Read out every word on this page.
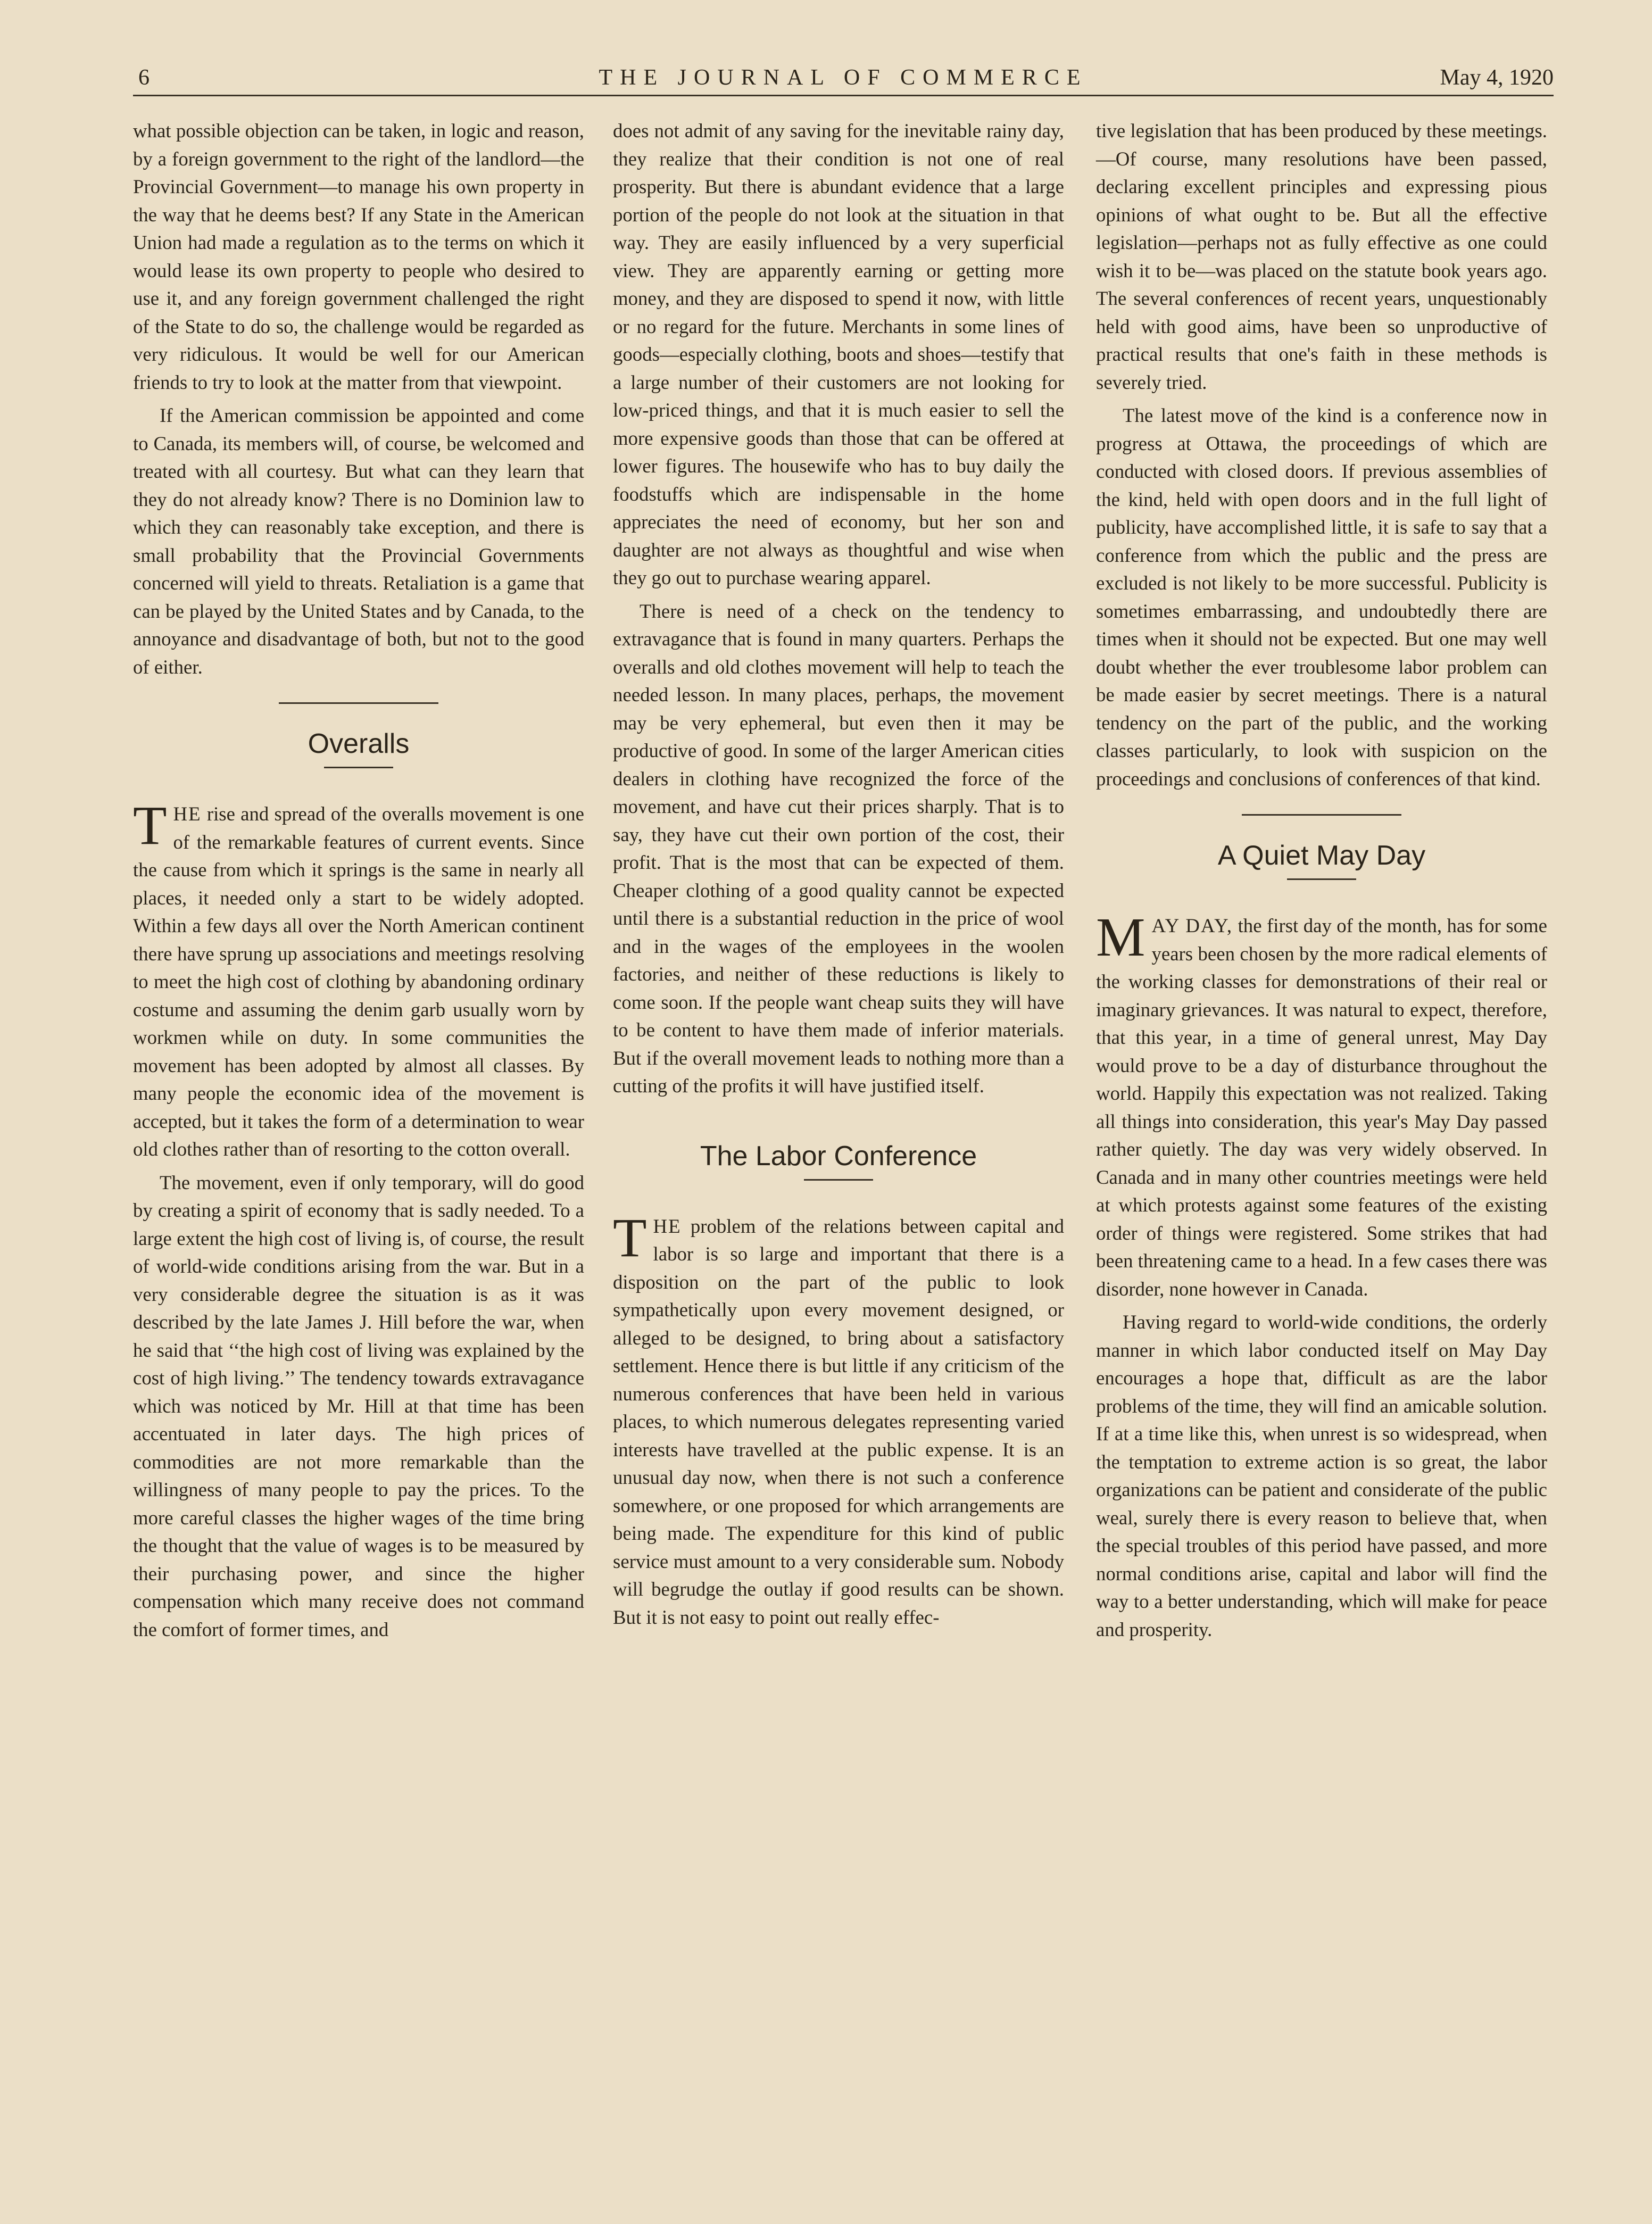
6	THE JOURNAL OF COMMERCE	May 4, 1920

what possible objection can be taken, in logic and reason, by a foreign government to the right of the landlord—the Provincial Government—to manage his own property in the way that he deems best? If any State in the American Union had made a regulation as to the terms on which it would lease its own property to people who desired to use it, and any foreign government challenged the right of the State to do so, the challenge would be regarded as very ridiculous. It would be well for our American friends to try to look at the matter from that viewpoint.

If the American commission be appointed and come to Canada, its members will, of course, be welcomed and treated with all courtesy. But what can they learn that they do not already know? There is no Dominion law to which they can reasonably take exception, and there is small probability that the Provincial Governments concerned will yield to threats. Retaliation is a game that can be played by the United States and by Canada, to the annoyance and disadvantage of both, but not to the good of either.

Overalls

THE rise and spread of the overalls movement is one of the remarkable features of current events. Since the cause from which it springs is the same in nearly all places, it needed only a start to be widely adopted. Within a few days all over the North American continent there have sprung up associations and meetings resolving to meet the high cost of clothing by abandoning ordinary costume and assuming the denim garb usually worn by workmen while on duty. In some communities the movement has been adopted by almost all classes. By many people the economic idea of the movement is accepted, but it takes the form of a determination to wear old clothes rather than of resorting to the cotton overall.

The movement, even if only temporary, will do good by creating a spirit of economy that is sadly needed. To a large extent the high cost of living is, of course, the result of world-wide conditions arising from the war. But in a very considerable degree the situation is as it was described by the late James J. Hill before the war, when he said that ‘‘the high cost of living was explained by the cost of high living.’’ The tendency towards extravagance which was noticed by Mr. Hill at that time has been accentuated in later days. The high prices of commodities are not more remarkable than the willingness of many people to pay the prices. To the more careful classes the higher wages of the time bring the thought that the value of wages is to be measured by their purchasing power, and since the higher compensation which many receive does not command the comfort of former times, and

does not admit of any saving for the inevitable rainy day, they realize that their condition is not one of real prosperity. But there is abundant evidence that a large portion of the people do not look at the situation in that way. They are easily influenced by a very superficial view. They are apparently earning or getting more money, and they are disposed to spend it now, with little or no regard for the future. Merchants in some lines of goods—especially clothing, boots and shoes—testify that a large number of their customers are not looking for low-priced things, and that it is much easier to sell the more expensive goods than those that can be offered at lower figures. The housewife who has to buy daily the foodstuffs which are indispensable in the home appreciates the need of economy, but her son and daughter are not always as thoughtful and wise when they go out to purchase wearing apparel.

There is need of a check on the tendency to extravagance that is found in many quarters. Perhaps the overalls and old clothes movement will help to teach the needed lesson. In many places, perhaps, the movement may be very ephemeral, but even then it may be productive of good. In some of the larger American cities dealers in clothing have recognized the force of the movement, and have cut their prices sharply. That is to say, they have cut their own portion of the cost, their profit. That is the most that can be expected of them. Cheaper clothing of a good quality cannot be expected until there is a substantial reduction in the price of wool and in the wages of the employees in the woolen factories, and neither of these reductions is likely to come soon. If the people want cheap suits they will have to be content to have them made of inferior materials. But if the overall movement leads to nothing more than a cutting of the profits it will have justified itself.

The Labor Conference

THE problem of the relations between capital and labor is so large and important that there is a disposition on the part of the public to look sympathetically upon every movement designed, or alleged to be designed, to bring about a satisfactory settlement. Hence there is but little if any criticism of the numerous conferences that have been held in various places, to which numerous delegates representing varied interests have travelled at the public expense. It is an unusual day now, when there is not such a conference somewhere, or one proposed for which arrangements are being made. The expenditure for this kind of public service must amount to a very considerable sum. Nobody will begrudge the outlay if good results can be shown. But it is not easy to point out really effec-

tive legislation that has been produced by these meetings.—Of course, many resolutions have been passed, declaring excellent principles and expressing pious opinions of what ought to be. But all the effective legislation—perhaps not as fully effective as one could wish it to be—was placed on the statute book years ago. The several conferences of recent years, unquestionably held with good aims, have been so unproductive of practical results that one's faith in these methods is severely tried.

The latest move of the kind is a conference now in progress at Ottawa, the proceedings of which are conducted with closed doors. If previous assemblies of the kind, held with open doors and in the full light of publicity, have accomplished little, it is safe to say that a conference from which the public and the press are excluded is not likely to be more successful. Publicity is sometimes embarrassing, and undoubtedly there are times when it should not be expected. But one may well doubt whether the ever troublesome labor problem can be made easier by secret meetings. There is a natural tendency on the part of the public, and the working classes particularly, to look with suspicion on the proceedings and conclusions of conferences of that kind.

A Quiet May Day

MAY DAY, the first day of the month, has for some years been chosen by the more radical elements of the working classes for demonstrations of their real or imaginary grievances. It was natural to expect, therefore, that this year, in a time of general unrest, May Day would prove to be a day of disturbance throughout the world. Happily this expectation was not realized. Taking all things into consideration, this year's May Day passed rather quietly. The day was very widely observed. In Canada and in many other countries meetings were held at which protests against some features of the existing order of things were registered. Some strikes that had been threatening came to a head. In a few cases there was disorder, none however in Canada.

Having regard to world-wide conditions, the orderly manner in which labor conducted itself on May Day encourages a hope that, difficult as are the labor problems of the time, they will find an amicable solution. If at a time like this, when unrest is so widespread, when the temptation to extreme action is so great, the labor organizations can be patient and considerate of the public weal, surely there is every reason to believe that, when the special troubles of this period have passed, and more normal conditions arise, capital and labor will find the way to a better understanding, which will make for peace and prosperity.
